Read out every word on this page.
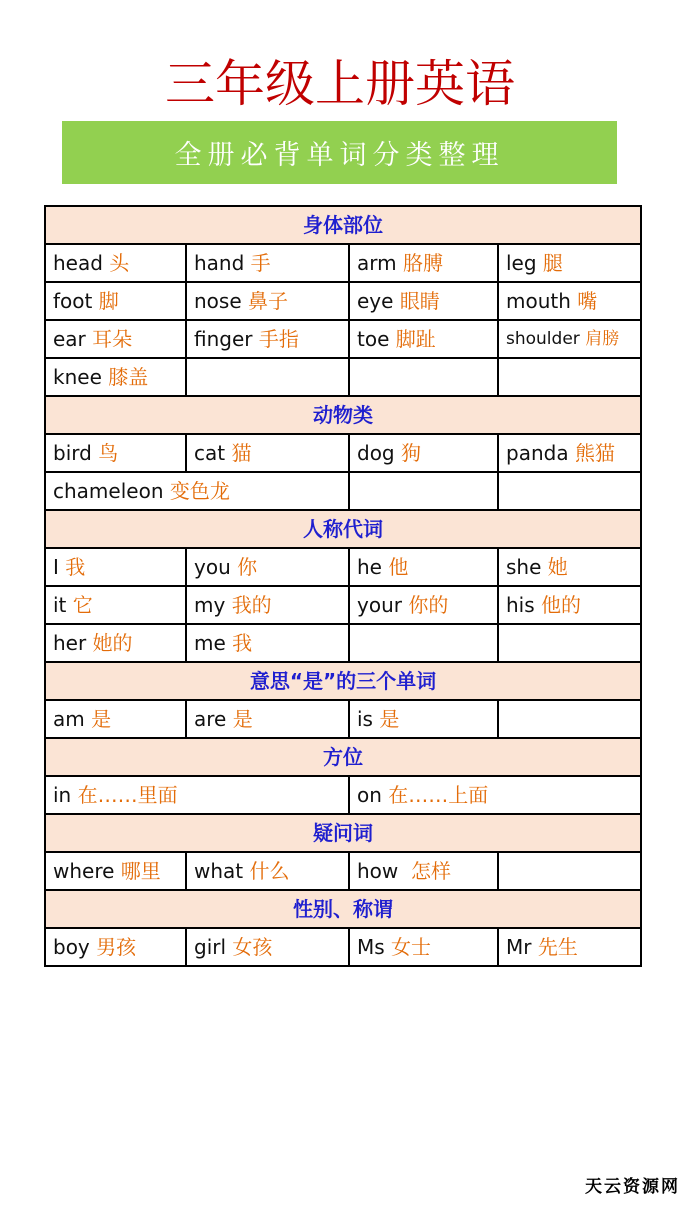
三年级上册英语
全册必背单词分类整理
身体部位			
head 头	hand 手	arm 胳膊	leg 腿
foot 脚	nose 鼻子	eye 眼睛	mouth 嘴
ear 耳朵	finger 手指	toe 脚趾	shoulder 肩膀
knee 膝盖			
动物类			
bird 鸟	cat 猫	dog 狗	panda 熊猫
chameleon 变色龙			
人称代词			
I 我	you 你	he 他	she 她
it 它	my 我的	your 你的	his 他的
her 她的	me 我		
意思“是”的三个单词			
am 是	are 是	is 是	
方位			
in 在……里面		on 在……上面	
疑问词			
where 哪里	what 什么	how 怎样	
性别、称谓			
boy 男孩	girl 女孩	Ms 女士	Mr 先生
天云资源网
